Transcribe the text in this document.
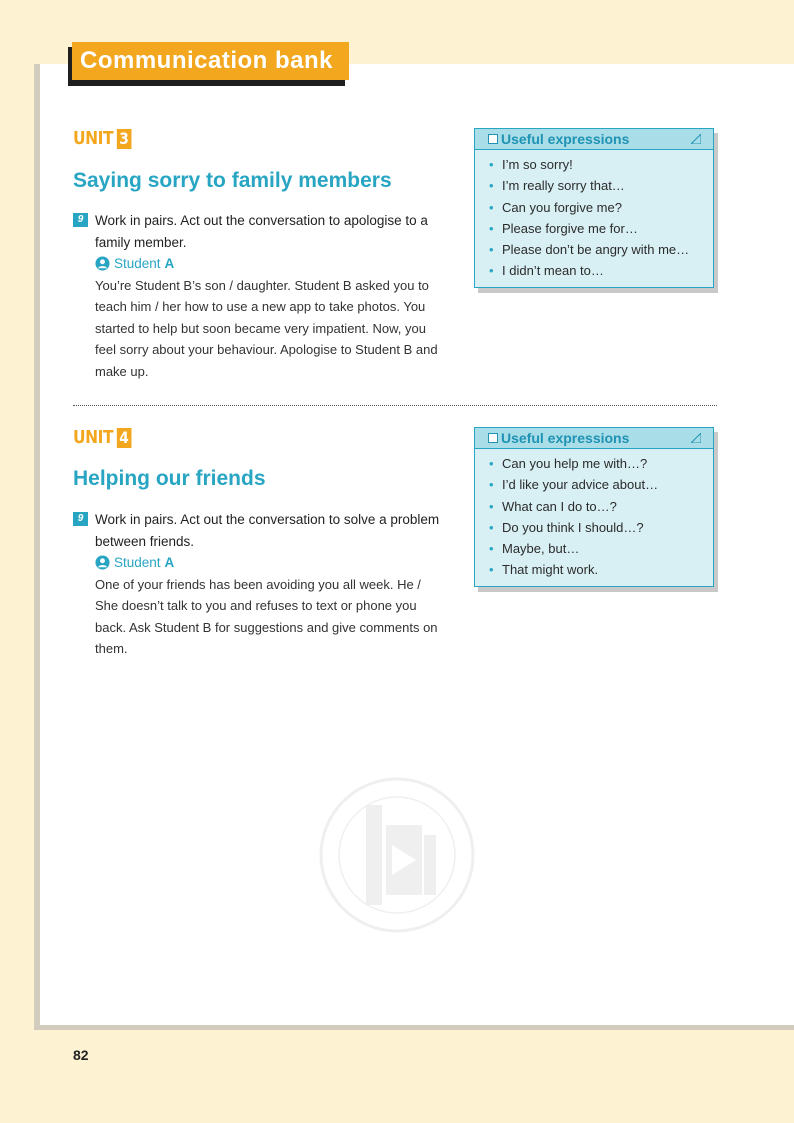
Communication bank
UNIT 3
Saying sorry to family members
9 Work in pairs. Act out the conversation to apologise to a family member.
Student A
You’re Student B’s son / daughter. Student B asked you to teach him / her how to use a new app to take photos. You started to help but soon became very impatient. Now, you feel sorry about your behaviour. Apologise to Student B and make up.
Useful expressions
• I’m so sorry!
• I’m really sorry that…
• Can you forgive me?
• Please forgive me for…
• Please don’t be angry with me…
• I didn’t mean to…
UNIT 4
Helping our friends
9 Work in pairs. Act out the conversation to solve a problem between friends.
Student A
One of your friends has been avoiding you all week. He / She doesn’t talk to you and refuses to text or phone you back. Ask Student B for suggestions and give comments on them.
Useful expressions
• Can you help me with…?
• I’d like your advice about…
• What can I do to…?
• Do you think I should…?
• Maybe, but…
• That might work.
82
